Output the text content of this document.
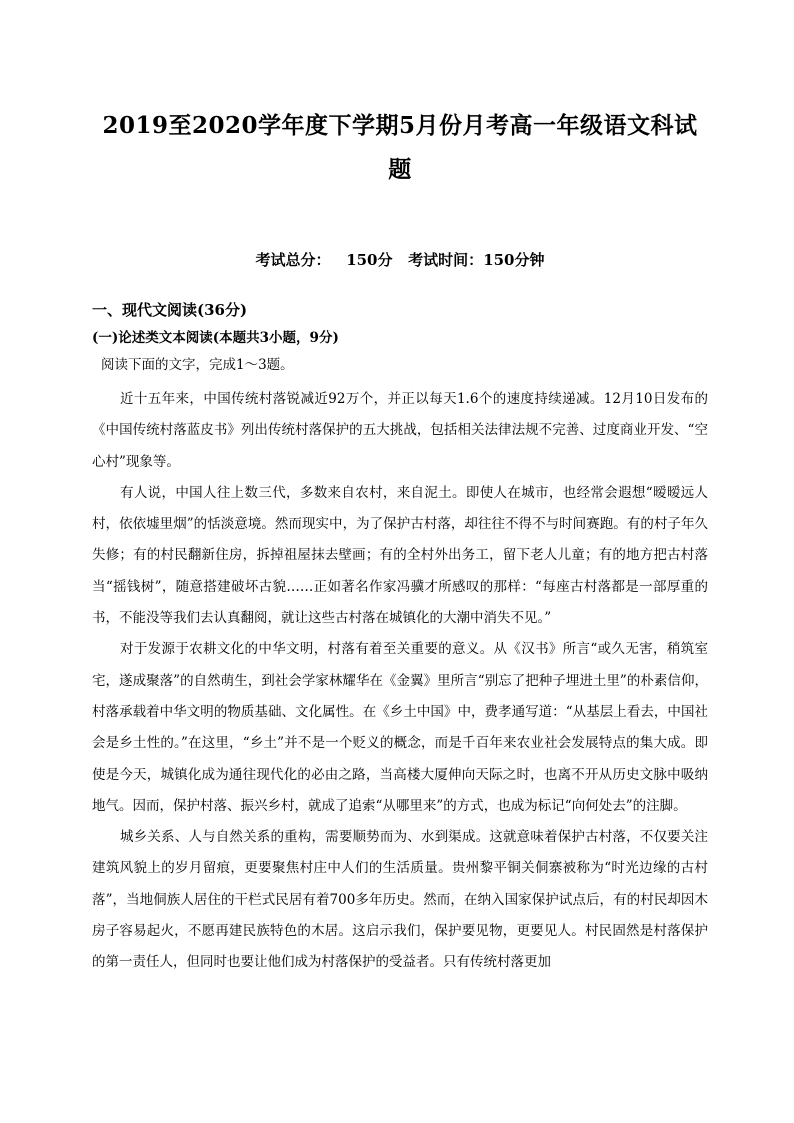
2019至2020学年度下学期5月份月考高一年级语文科试
题
考试总分： 150分 考试时间：150分钟
一、现代文阅读(36分)
(一)论述类文本阅读(本题共3小题，9分)
阅读下面的文字，完成1～3题。

近十五年来，中国传统村落锐减近92万个，并正以每天1.6个的速度持续递减。12月10日发布的《中国传统村落蓝皮书》列出传统村落保护的五大挑战，包括相关法律法规不完善、过度商业开发、“空心村”现象等。

有人说，中国人往上数三代，多数来自农村，来自泥土。即使人在城市，也经常会遐想“暧暧远人村，依依墟里烟”的恬淡意境。然而现实中，为了保护古村落，却往往不得不与时间赛跑。有的村子年久失修；有的村民翻新住房，拆掉祖屋抹去壁画；有的全村外出务工，留下老人儿童；有的地方把古村落当“摇钱树”，随意搭建破坏古貌……正如著名作家冯骥才所感叹的那样：“每座古村落都是一部厚重的书，不能没等我们去认真翻阅，就让这些古村落在城镇化的大潮中消失不见。”

对于发源于农耕文化的中华文明，村落有着至关重要的意义。从《汉书》所言“或久无害，稍筑室宅，遂成聚落”的自然萌生，到社会学家林耀华在《金翼》里所言“别忘了把种子埋进土里”的朴素信仰，村落承载着中华文明的物质基础、文化属性。在《乡土中国》中，费孝通写道：“从基层上看去，中国社会是乡土性的。”在这里，“乡土”并不是一个贬义的概念，而是千百年来农业社会发展特点的集大成。即使是今天，城镇化成为通往现代化的必由之路，当高楼大厦伸向天际之时，也离不开从历史文脉中吸纳地气。因而，保护村落、振兴乡村，就成了追索“从哪里来”的方式，也成为标记“向何处去”的注脚。

城乡关系、人与自然关系的重构，需要顺势而为、水到渠成。这就意味着保护古村落，不仅要关注建筑风貌上的岁月留痕，更要聚焦村庄中人们的生活质量。贵州黎平铜关侗寨被称为“时光边缘的古村落”，当地侗族人居住的干栏式民居有着700多年历史。然而，在纳入国家保护试点后，有的村民却因木房子容易起火，不愿再建民族特色的木居。这启示我们，保护要见物，更要见人。村民固然是村落保护的第一责任人，但同时也要让他们成为村落保护的受益者。只有传统村落更加
